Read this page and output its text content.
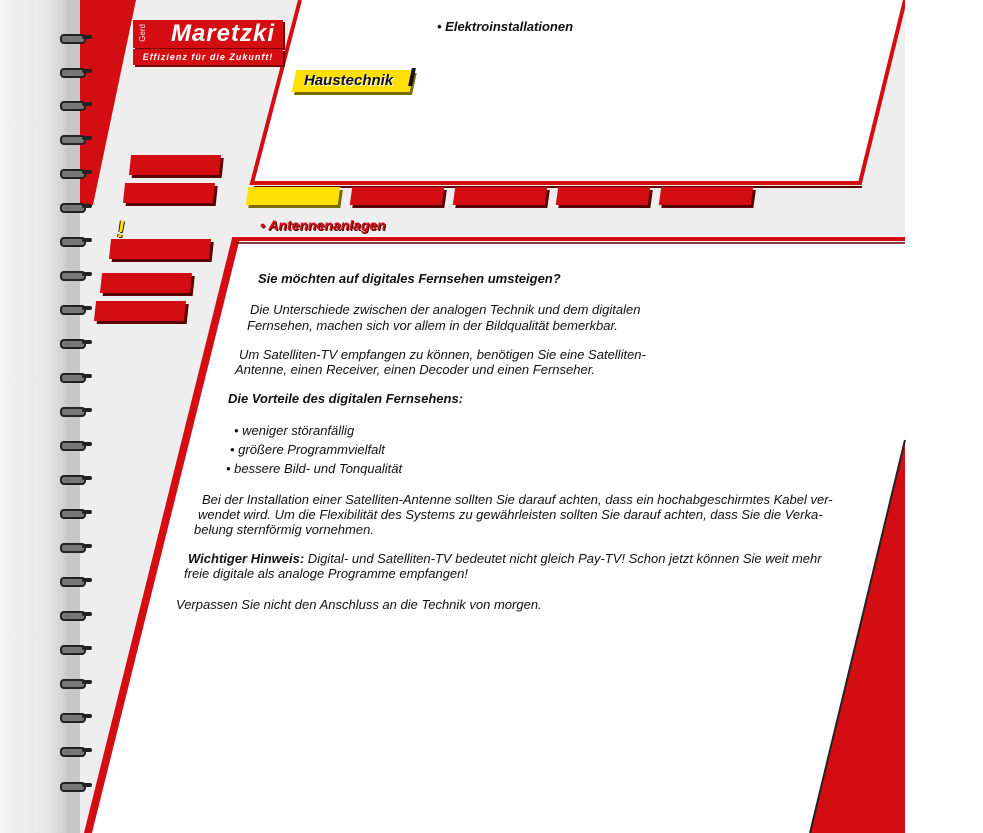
Maretzki
Gerd
Effizienz für die Zukunft!
Haustechnik
• Elektroinstallationen
!	• Antennenanlagen
Sie möchten auf digitales Fernsehen umsteigen?
Die Unterschiede zwischen der analogen Technik und dem digitalen
Fernsehen, machen sich vor allem in der Bildqualität bemerkbar.
Um Satelliten-TV empfangen zu können, benötigen Sie eine Satelliten-
Antenne, einen Receiver, einen Decoder und einen Fernseher.
Die Vorteile des digitalen Fernsehens:
• weniger störanfällig
• größere Programmvielfalt
• bessere Bild- und Tonqualität
Bei der Installation einer Satelliten-Antenne sollten Sie darauf achten, dass ein hochabgeschirmtes Kabel ver-
wendet wird. Um die Flexibilität des Systems zu gewährleisten sollten Sie darauf achten, dass Sie die Verka-
belung sternförmig vornehmen.
Wichtiger Hinweis: Digital- und Satelliten-TV bedeutet nicht gleich Pay-TV! Schon jetzt können Sie weit mehr
freie digitale als analoge Programme empfangen!
Verpassen Sie nicht den Anschluss an die Technik von morgen.
